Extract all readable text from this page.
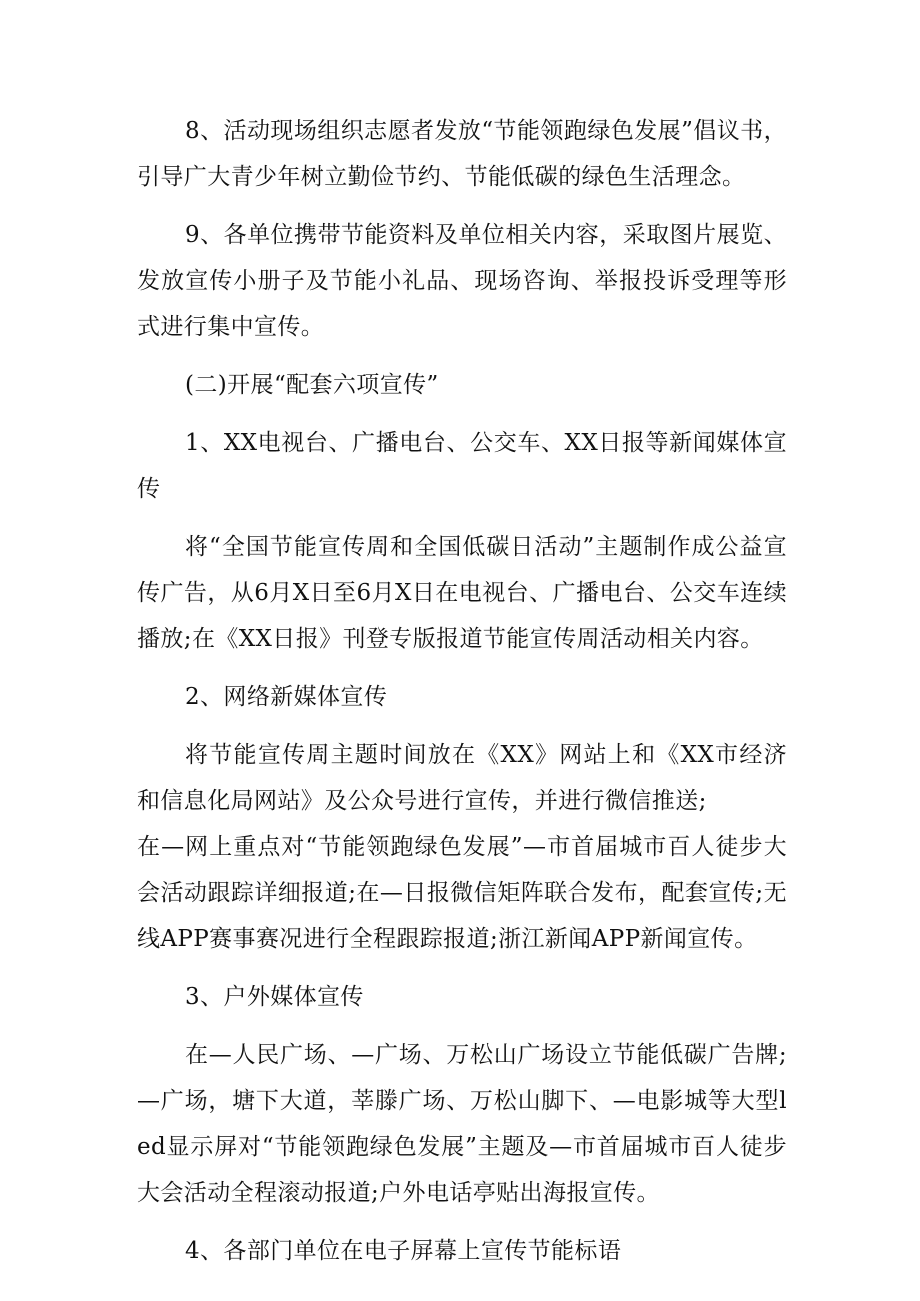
8、活动现场组织志愿者发放“节能领跑绿色发展”倡议书，引导广大青少年树立勤俭节约、节能低碳的绿色生活理念。

9、各单位携带节能资料及单位相关内容，采取图片展览、发放宣传小册子及节能小礼品、现场咨询、举报投诉受理等形式进行集中宣传。

(二)开展“配套六项宣传”

1、XX电视台、广播电台、公交车、XX日报等新闻媒体宣传

将“全国节能宣传周和全国低碳日活动”主题制作成公益宣传广告，从6月X日至6月X日在电视台、广播电台、公交车连续播放;在《XX日报》刊登专版报道节能宣传周活动相关内容。

2、网络新媒体宣传

将节能宣传周主题时间放在《XX》网站上和《XX市经济和信息化局网站》及公众号进行宣传，并进行微信推送;

在—网上重点对“节能领跑绿色发展”—市首届城市百人徒步大会活动跟踪详细报道;在—日报微信矩阵联合发布，配套宣传;无线APP赛事赛况进行全程跟踪报道;浙江新闻APP新闻宣传。

3、户外媒体宣传

在—人民广场、—广场、万松山广场设立节能低碳广告牌;—广场，塘下大道，莘滕广场、万松山脚下、—电影城等大型led显示屏对“节能领跑绿色发展”主题及—市首届城市百人徒步大会活动全程滚动报道;户外电话亭贴出海报宣传。

4、各部门单位在电子屏幕上宣传节能标语
